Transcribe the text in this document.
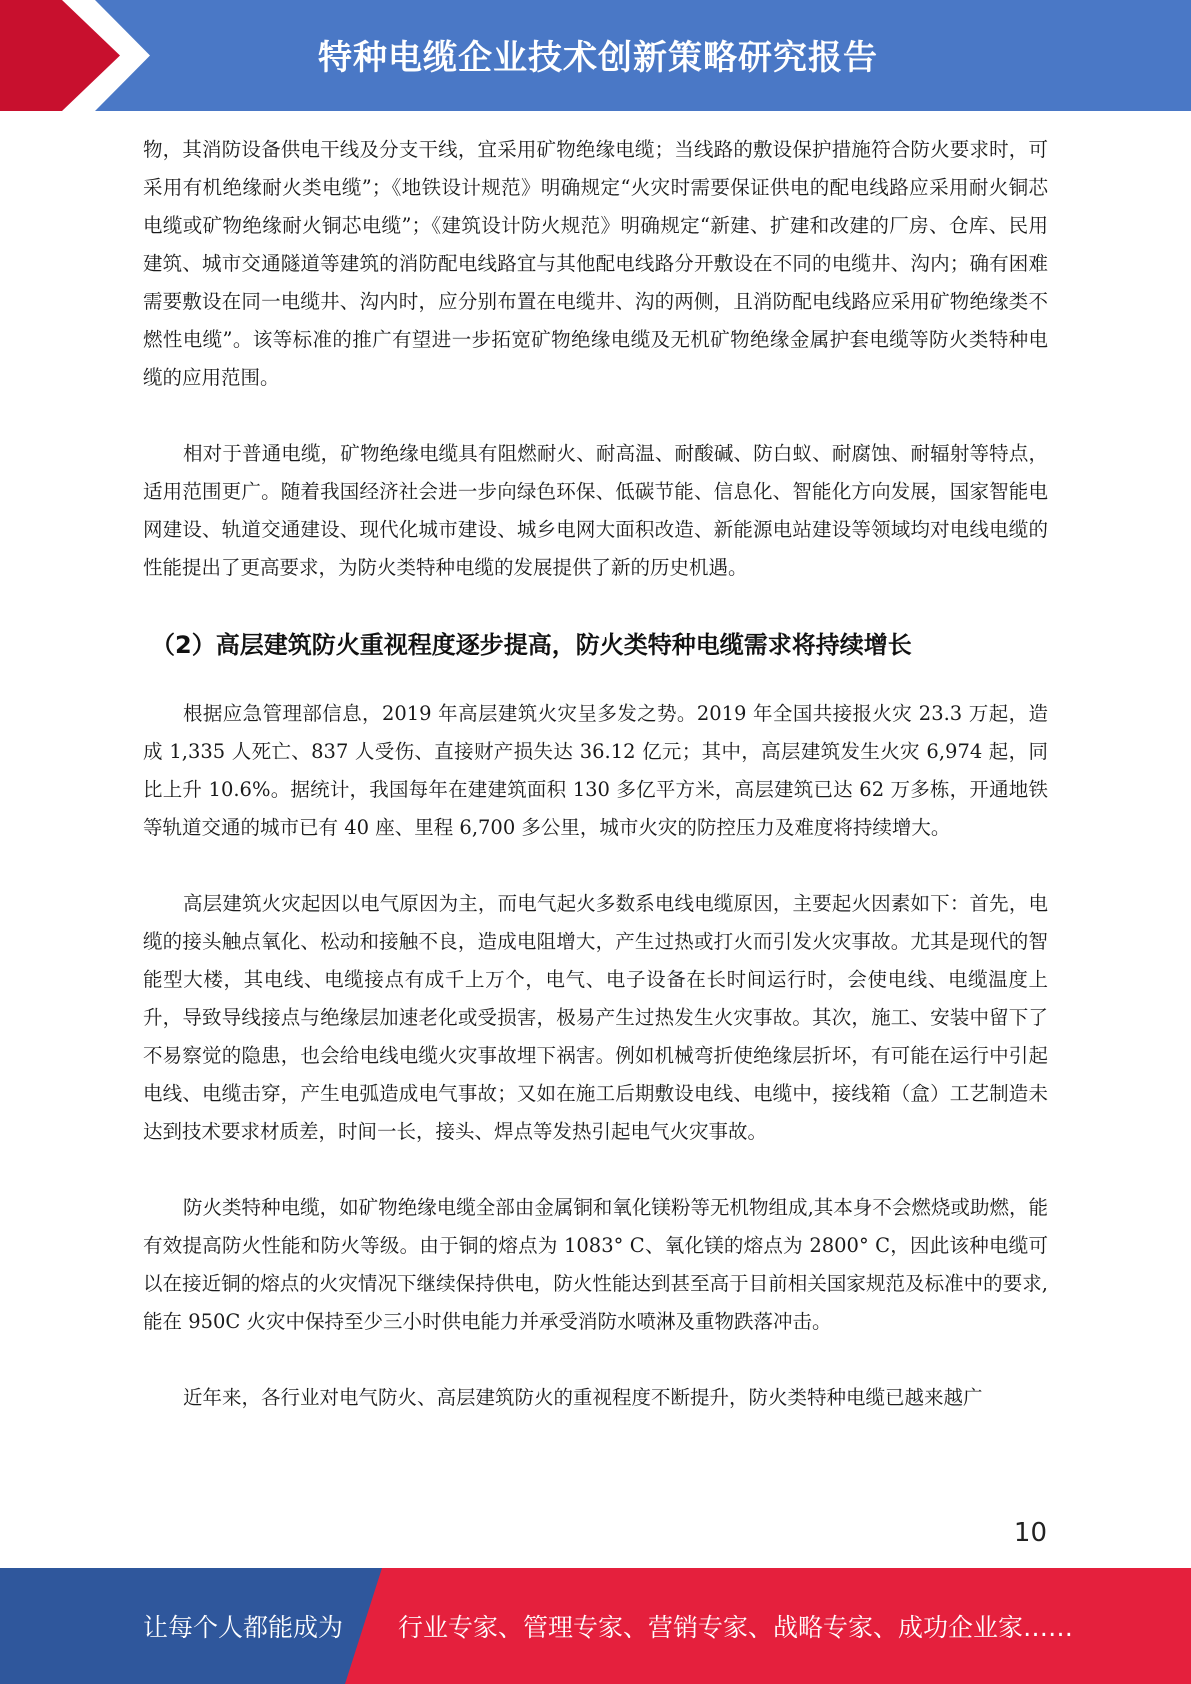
特种电缆企业技术创新策略研究报告

物，其消防设备供电干线及分支干线，宜采用矿物绝缘电缆；当线路的敷设保护措施符合防火要求时，可采用有机绝缘耐火类电缆”；《地铁设计规范》明确规定“火灾时需要保证供电的配电线路应采用耐火铜芯电缆或矿物绝缘耐火铜芯电缆”；《建筑设计防火规范》明确规定“新建、扩建和改建的厂房、仓库、民用建筑、城市交通隧道等建筑的消防配电线路宜与其他配电线路分开敷设在不同的电缆井、沟内；确有困难需要敷设在同一电缆井、沟内时，应分别布置在电缆井、沟的两侧，且消防配电线路应采用矿物绝缘类不燃性电缆”。该等标准的推广有望进一步拓宽矿物绝缘电缆及无机矿物绝缘金属护套电缆等防火类特种电缆的应用范围。

相对于普通电缆，矿物绝缘电缆具有阻燃耐火、耐高温、耐酸碱、防白蚁、耐腐蚀、耐辐射等特点，适用范围更广。随着我国经济社会进一步向绿色环保、低碳节能、信息化、智能化方向发展，国家智能电网建设、轨道交通建设、现代化城市建设、城乡电网大面积改造、新能源电站建设等领域均对电线电缆的性能提出了更高要求，为防火类特种电缆的发展提供了新的历史机遇。

（2）高层建筑防火重视程度逐步提高，防火类特种电缆需求将持续增长

根据应急管理部信息，2019 年高层建筑火灾呈多发之势。2019 年全国共接报火灾 23.3 万起，造成 1,335 人死亡、837 人受伤、直接财产损失达 36.12 亿元；其中，高层建筑发生火灾 6,974 起，同比上升 10.6%。据统计，我国每年在建建筑面积 130 多亿平方米，高层建筑已达 62 万多栋，开通地铁等轨道交通的城市已有 40 座、里程 6,700 多公里，城市火灾的防控压力及难度将持续增大。

高层建筑火灾起因以电气原因为主，而电气起火多数系电线电缆原因，主要起火因素如下：首先，电缆的接头触点氧化、松动和接触不良，造成电阻增大，产生过热或打火而引发火灾事故。尤其是现代的智能型大楼，其电线、电缆接点有成千上万个，电气、电子设备在长时间运行时，会使电线、电缆温度上升，导致导线接点与绝缘层加速老化或受损害，极易产生过热发生火灾事故。其次，施工、安装中留下了不易察觉的隐患，也会给电线电缆火灾事故埋下祸害。例如机械弯折使绝缘层折坏，有可能在运行中引起电线、电缆击穿，产生电弧造成电气事故；又如在施工后期敷设电线、电缆中，接线箱（盒）工艺制造未达到技术要求材质差，时间一长，接头、焊点等发热引起电气火灾事故。

防火类特种电缆，如矿物绝缘电缆全部由金属铜和氧化镁粉等无机物组成,其本身不会燃烧或助燃，能有效提高防火性能和防火等级。由于铜的熔点为 1083° C、氧化镁的熔点为 2800° C，因此该种电缆可以在接近铜的熔点的火灾情况下继续保持供电，防火性能达到甚至高于目前相关国家规范及标准中的要求,能在 950C 火灾中保持至少三小时供电能力并承受消防水喷淋及重物跌落冲击。

近年来，各行业对电气防火、高层建筑防火的重视程度不断提升，防火类特种电缆已越来越广

10
让每个人都能成为 行业专家、管理专家、营销专家、战略专家、成功企业家……
